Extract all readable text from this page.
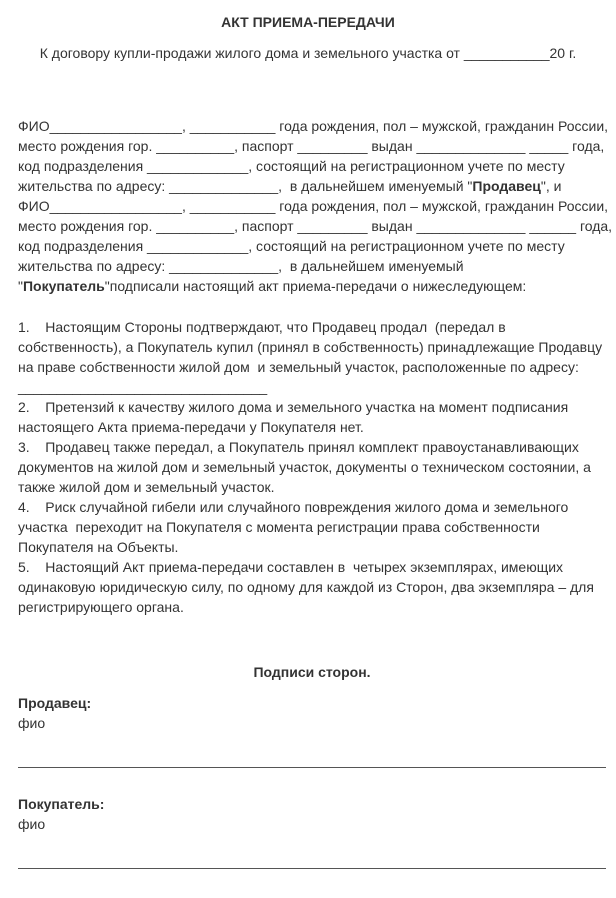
АКТ ПРИЕМА-ПЕРЕДАЧИ
К договору купли-продажи жилого дома и земельного участка от ___________20 г.
ФИО_________________, ___________ года рождения, пол – мужской, гражданин России,
место рождения гор. __________, паспорт _________ выдан ______________ _____ года,
код подразделения _____________, состоящий на регистрационном учете по месту
жительства по адресу: ______________,  в дальнейшем именуемый "Продавец", и
ФИО_________________, ___________ года рождения, пол – мужской, гражданин России,
место рождения гор. __________, паспорт _________ выдан ______________ ______ года,
код подразделения _____________, состоящий на регистрационном учете по месту
жительства по адресу: ______________,  в дальнейшем именуемый
"Покупатель"подписали настоящий акт приема-передачи о нижеследующем:
1.    Настоящим Стороны подтверждают, что Продавец продал  (передал в
собственность), а Покупатель купил (принял в собственность) принадлежащие Продавцу
на праве собственности жилой дом  и земельный участок, расположенные по адресу:
________________________________
2.    Претензий к качеству жилого дома и земельного участка на момент подписания
настоящего Акта приема-передачи у Покупателя нет.
3.    Продавец также передал, а Покупатель принял комплект правоустанавливающих
документов на жилой дом и земельный участок, документы о техническом состоянии, а
также жилой дом и земельный участок.
4.    Риск случайной гибели или случайного повреждения жилого дома и земельного
участка  переходит на Покупателя с момента регистрации права собственности
Покупателя на Объекты.
5.    Настоящий Акт приема-передачи составлен в  четырех экземплярах, имеющих
одинаковую юридическую силу, по одному для каждой из Сторон, два экземпляра – для
регистрирующего органа.
Подписи сторон.
Продавец:
фио
Покупатель:
фио
